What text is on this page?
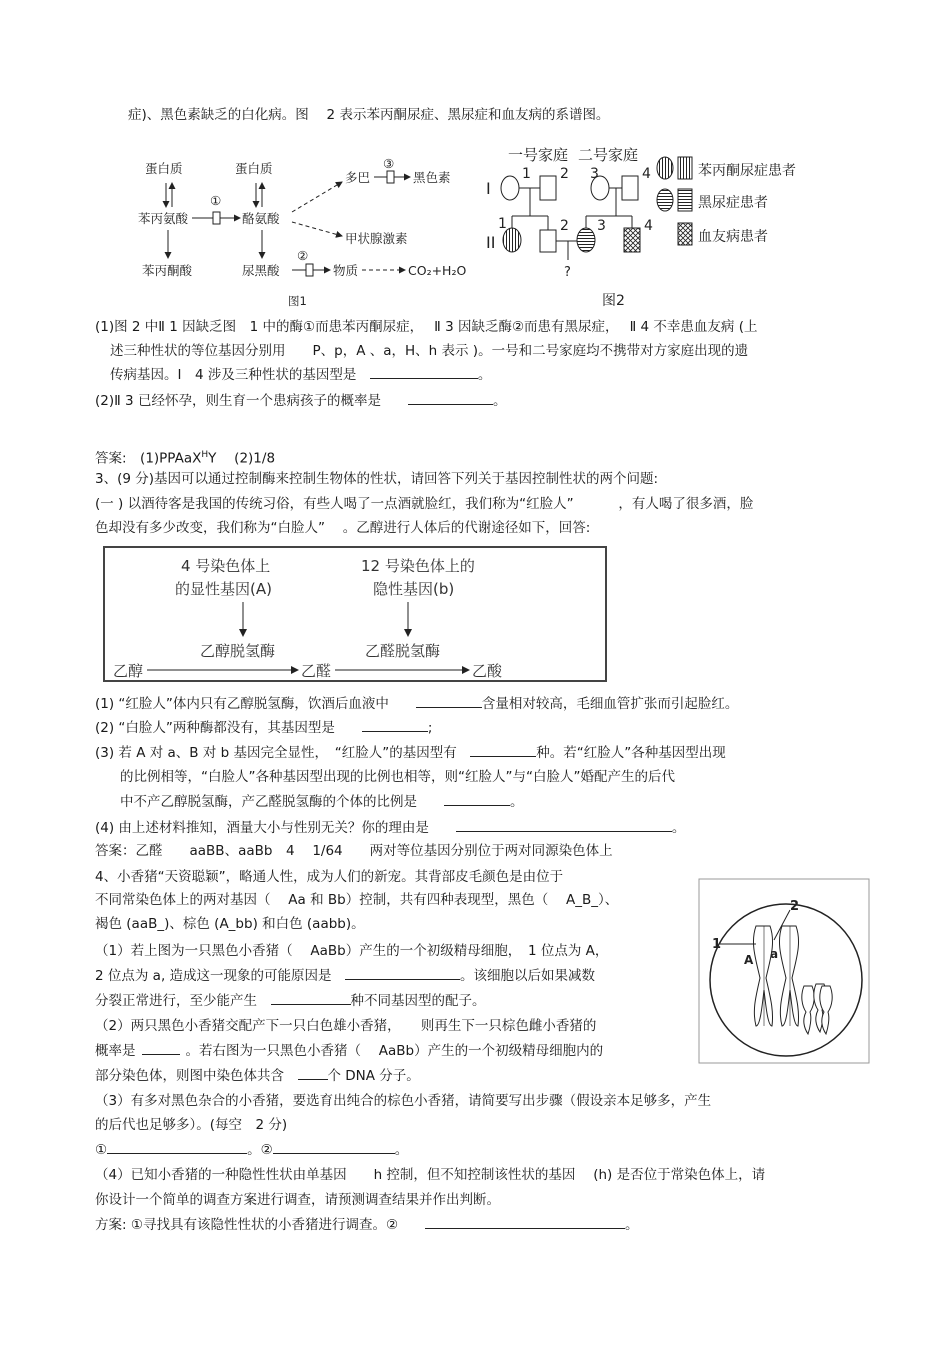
症)、黑色素缺乏的白化病。图　 2 表示苯丙酮尿症、黑尿症和血友病的系谱图。
蛋白质	蛋白质
苯丙氨酸
①
酪氨酸
苯丙酮酸	尿黑酸
多巴
③
黑色素
甲状腺激素
②
物质	CO₂+H₂O
图1
一号家庭 二号家庭
I
II
1 2 3	4
1	2 3	4
?
苯丙酮尿症患者
黑尿症患者
血友病患者
图2
(1)图 2 中Ⅱ 1 因缺乏图　1 中的酶①而患苯丙酮尿症，　 Ⅱ 3 因缺乏酶②而患有黑尿症，　 Ⅱ 4 不幸患血友病 (上
述三种性状的等位基因分别用　　P、p，A 、a，H、h 表示 )。一号和二号家庭均不携带对方家庭出现的遗
传病基因。Ⅰ　4 涉及三种性状的基因型是　	。
(2)Ⅱ 3 已经怀孕，则生育一个患病孩子的概率是　　	。
答案:　(1)PPAaX$^H$Y　 (2)1/8
3、(9 分)基因可以通过控制酶来控制生物体的性状，请回答下列关于基因控制性状的两个问题:
(一 ) 以酒待客是我国的传统习俗，有些人喝了一点酒就脸红，我们称为“红脸人”　　　 ，有人喝了很多酒，脸
色却没有多少改变，我们称为“白脸人”　 。乙醇进行人体后的代谢途径如下，回答:
4 号染色体上
的显性基因(A)
12 号染色体上的
隐性基因(b)
乙醇脱氢酶	乙醛脱氢酶
乙醇	乙醛	乙酸
(1) “红脸人”体内只有乙醇脱氢酶，饮酒后血液中　　	含量相对较高，毛细血管扩张而引起脸红。
(2) “白脸人”两种酶都没有，其基因型是　　	;
(3) 若 A 对 a、B 对 b 基因完全显性，　“红脸人”的基因型有　	种。若“红脸人”各种基因型出现
的比例相等，“白脸人”各种基因型出现的比例也相等，则“红脸人”与“白脸人”婚配产生的后代
中不产乙醇脱氢酶，产乙醛脱氢酶的个体的比例是　　	。
(4) 由上述材料推知，酒量大小与性别无关？你的理由是　　	。
答案：乙醛　　aaBB、aaBb　4　 1/64　　两对等位基因分别位于两对同源染色体上
4、小香猪“天资聪颖”，略通人性，成为人们的新宠。其背部皮毛颜色是由位于
不同常染色体上的两对基因（　 Aa 和 Bb）控制，共有四种表现型，黑色（　 A_B_）、
褐色 (aaB_)、棕色 (A_bb) 和白色 (aabb)。
（1）若上图为一只黑色小香猪（　 AaBb）产生的一个初级精母细胞，　1 位点为 A，
2 位点为 a, 造成这一现象的可能原因是　	。该细胞以后如果减数
分裂正常进行，至少能产生　	种不同基因型的配子。
（2）两只黑色小香猪交配产下一只白色雄小香猪，　　则再生下一只棕色雌小香猪的
概率是	。若右图为一只黑色小香猪（　 AaBb）产生的一个初级精母细胞内的
部分染色体，则图中染色体共含　个 DNA 分子。
（3）有多对黑色杂合的小香猪，要选育出纯合的棕色小香猪，请简要写出步骤（假设亲本足够多，产生
的后代也足够多）。(每空　2 分)
①	。②	。
（4）已知小香猪的一种隐性性状由单基因　　h 控制，但不知控制该性状的基因　 (h) 是否位于常染色体上，请
你设计一个简单的调查方案进行调查，请预测调查结果并作出判断。
方案: ①寻找具有该隐性性状的小香猪进行调查。②　　	。
1
2
A a
